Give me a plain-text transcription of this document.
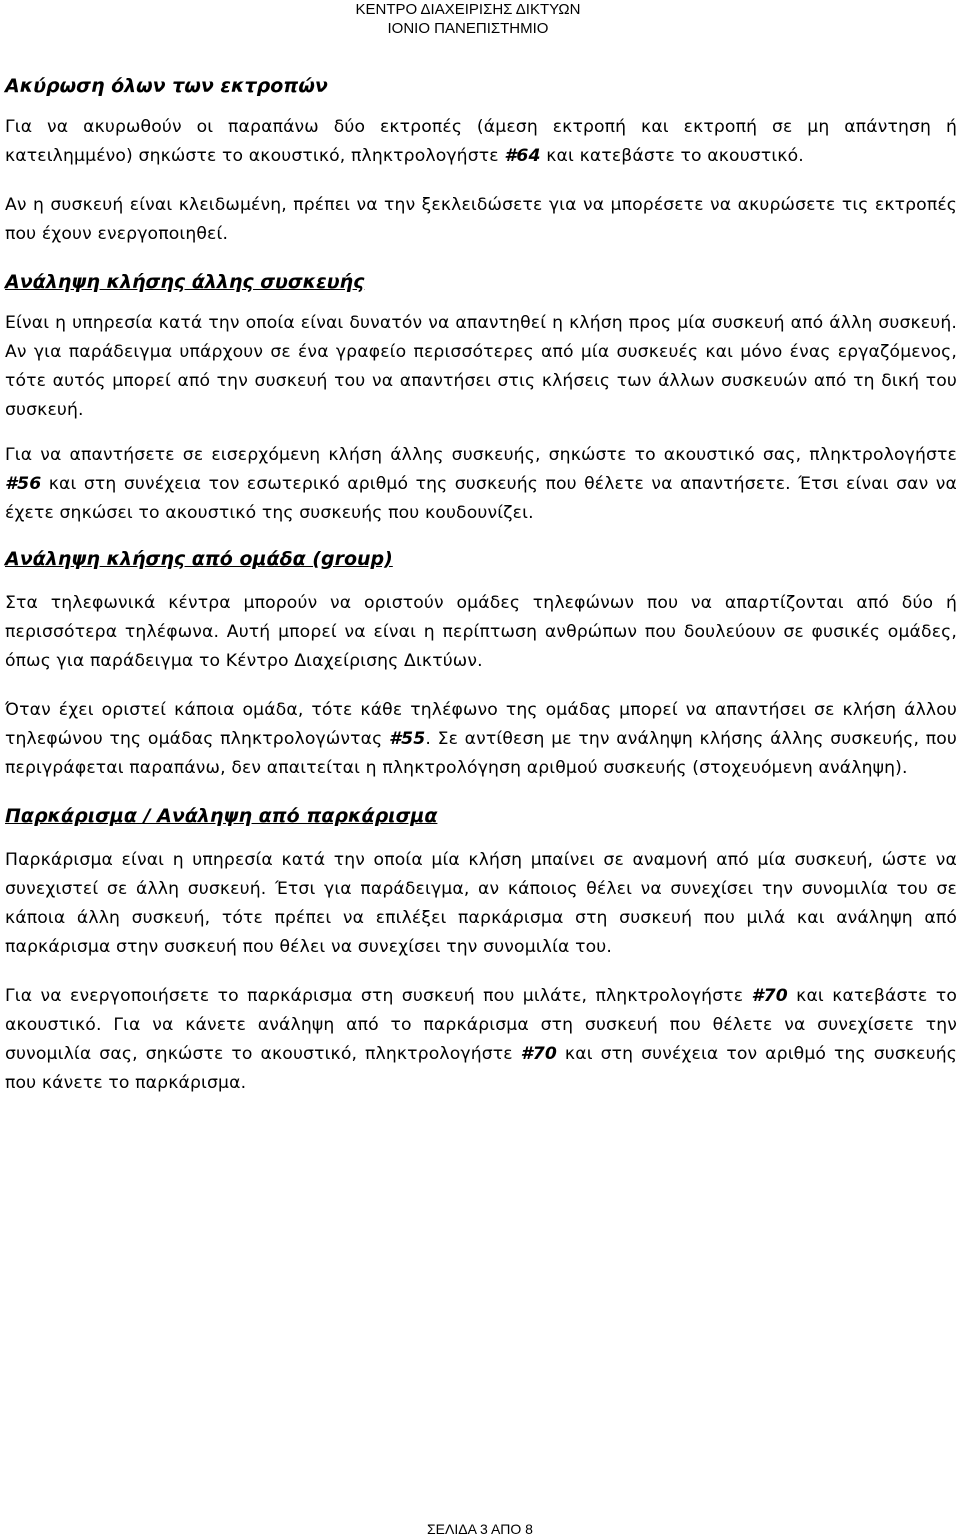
ΚΕΝΤΡΟ ΔΙΑΧΕΙΡΙΣΗΣ ΔΙΚΤΥΩΝ
ΙΟΝΙΟ ΠΑΝΕΠΙΣΤΗΜΙΟ
Ακύρωση όλων των εκτροπών

Για να ακυρωθούν οι παραπάνω δύο εκτροπές (άμεση εκτροπή και εκτροπή σε μη απάντηση ή κατειλημμένο) σηκώστε το ακουστικό, πληκτρολογήστε #64 και κατεβάστε το ακουστικό.

Αν η συσκευή είναι κλειδωμένη, πρέπει να την ξεκλειδώσετε για να μπορέσετε να ακυρώσετε τις εκτροπές που έχουν ενεργοποιηθεί.

Ανάληψη κλήσης άλλης συσκευής

Είναι η υπηρεσία κατά την οποία είναι δυνατόν να απαντηθεί η κλήση προς μία συσκευή από άλλη συσκευή. Αν για παράδειγμα υπάρχουν σε ένα γραφείο περισσότερες από μία συσκευές και μόνο ένας εργαζόμενος, τότε αυτός μπορεί από την συσκευή του να απαντήσει στις κλήσεις των άλλων συσκευών από τη δική του συσκευή.

Για να απαντήσετε σε εισερχόμενη κλήση άλλης συσκευής, σηκώστε το ακουστικό σας, πληκτρολογήστε #56 και στη συνέχεια τον εσωτερικό αριθμό της συσκευής που θέλετε να απαντήσετε. Έτσι είναι σαν να έχετε σηκώσει το ακουστικό της συσκευής που κουδουνίζει.

Ανάληψη κλήσης από ομάδα (group)

Στα τηλεφωνικά κέντρα μπορούν να οριστούν ομάδες τηλεφώνων που να απαρτίζονται από δύο ή περισσότερα τηλέφωνα. Αυτή μπορεί να είναι η περίπτωση ανθρώπων που δουλεύουν σε φυσικές ομάδες, όπως για παράδειγμα το Κέντρο Διαχείρισης Δικτύων.

Όταν έχει οριστεί κάποια ομάδα, τότε κάθε τηλέφωνο της ομάδας μπορεί να απαντήσει σε κλήση άλλου τηλεφώνου της ομάδας πληκτρολογώντας #55. Σε αντίθεση με την ανάληψη κλήσης άλλης συσκευής, που περιγράφεται παραπάνω, δεν απαιτείται η πληκτρολόγηση αριθμού συσκευής (στοχευόμενη ανάληψη).

Παρκάρισμα / Ανάληψη από παρκάρισμα

Παρκάρισμα είναι η υπηρεσία κατά την οποία μία κλήση μπαίνει σε αναμονή από μία συσκευή, ώστε να συνεχιστεί σε άλλη συσκευή. Έτσι για παράδειγμα, αν κάποιος θέλει να συνεχίσει την συνομιλία του σε κάποια άλλη συσκευή, τότε πρέπει να επιλέξει παρκάρισμα στη συσκευή που μιλά και ανάληψη από παρκάρισμα στην συσκευή που θέλει να συνεχίσει την συνομιλία του.

Για να ενεργοποιήσετε το παρκάρισμα στη συσκευή που μιλάτε, πληκτρολογήστε #70 και κατεβάστε το ακουστικό. Για να κάνετε ανάληψη από το παρκάρισμα στη συσκευή που θέλετε να συνεχίσετε την συνομιλία σας, σηκώστε το ακουστικό, πληκτρολογήστε #70 και στη συνέχεια τον αριθμό της συσκευής που κάνετε το παρκάρισμα.

ΣΕΛΙΔΑ 3 ΑΠΟ 8
